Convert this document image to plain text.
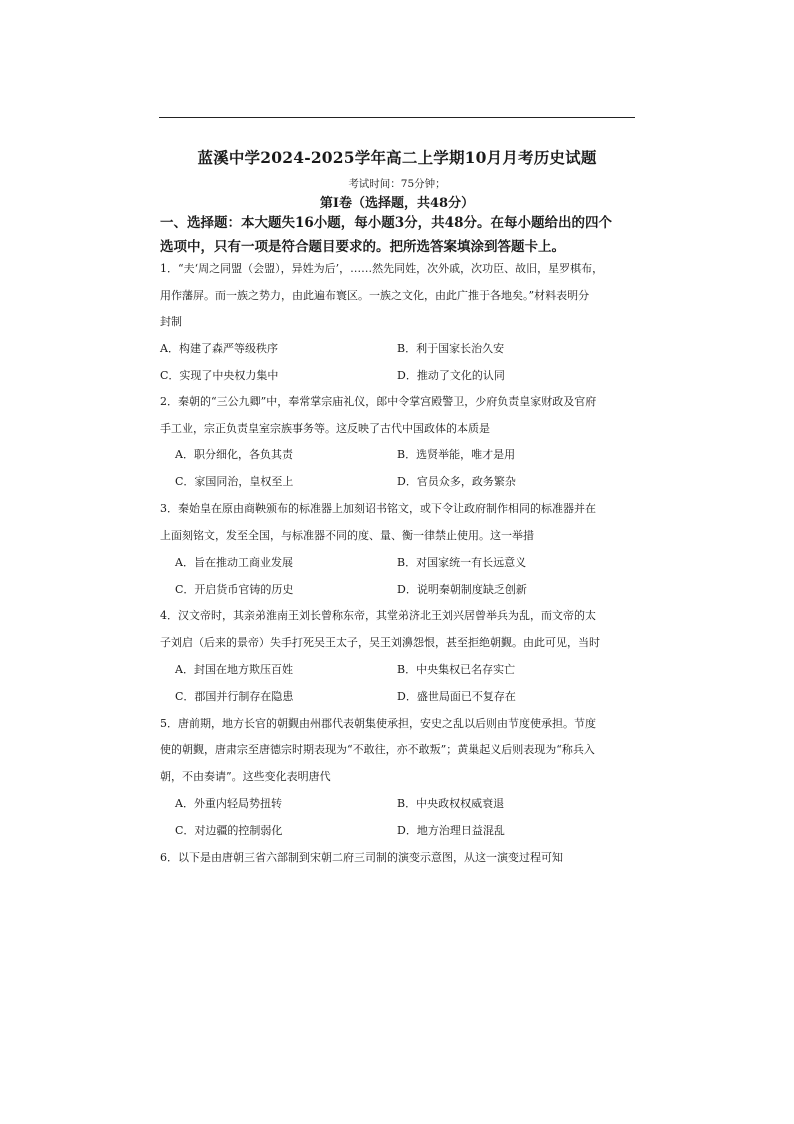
蓝溪中学2024-2025学年高二上学期10月月考历史试题
考试时间：75分钟；
第Ⅰ卷（选择题，共48分）
一、选择题：本大题失16小题，每小题3分，共48分。在每小题给出的四个
选项中，只有一项是符合题目要求的。把所选答案填涂到答题卡上。
1．“夫‘周之同盟（会盟），异姓为后’，……然先同姓，次外戚，次功臣、故旧，星罗棋布，
用作藩屏。而一族之势力，由此遍布寰区。一族之文化，由此广推于各地矣。”材料表明分
封制
A．构建了森严等级秩序	B．利于国家长治久安
C．实现了中央权力集中	D．推动了文化的认同
2．秦朝的“三公九卿”中，奉常掌宗庙礼仪，郎中令掌宫殿警卫，少府负责皇家财政及官府
手工业，宗正负责皇室宗族事务等。这反映了古代中国政体的本质是
A．职分细化，各负其责	B．选贤举能，唯才是用
C．家国同治，皇权至上	D．官员众多，政务繁杂
3．秦始皇在原由商鞅颁布的标准器上加刻诏书铭文，或下令让政府制作相同的标准器并在
上面刻铭文，发至全国，与标准器不同的度、量、衡一律禁止使用。这一举措
A．旨在推动工商业发展	B．对国家统一有长远意义
C．开启货币官铸的历史	D．说明秦朝制度缺乏创新
4．汉文帝时，其亲弟淮南王刘长曾称东帝，其堂弟济北王刘兴居曾举兵为乱，而文帝的太
子刘启（后来的景帝）失手打死吴王太子，吴王刘濞怨恨，甚至拒绝朝觐。由此可见，当时
A．封国在地方欺压百姓	B．中央集权已名存实亡
C．郡国并行制存在隐患	D．盛世局面已不复存在
5．唐前期，地方长官的朝觐由州郡代表朝集使承担，安史之乱以后则由节度使承担。节度
使的朝觐，唐肃宗至唐德宗时期表现为“不敢往，亦不敢叛”；黄巢起义后则表现为“称兵入
朝，不由奏请”。这些变化表明唐代
A．外重内轻局势扭转	B．中央政权权威衰退
C．对边疆的控制弱化	D．地方治理日益混乱
6．以下是由唐朝三省六部制到宋朝二府三司制的演变示意图，从这一演变过程可知
